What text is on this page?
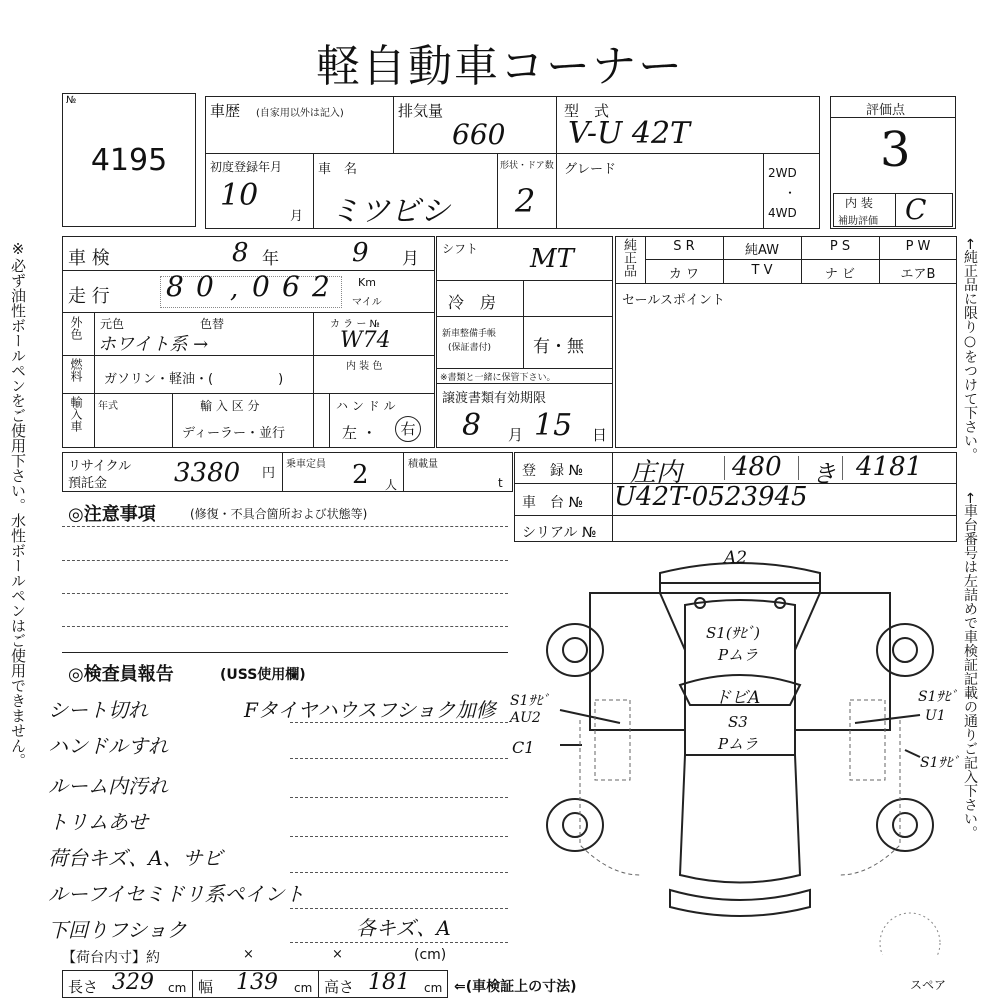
軽自動車コーナー
※必ず油性ボールペンをご使用下さい。水性ボールペンはご使用できません。	←純正品に限り○をつけて下さい。
←車台番号は左詰めで車検証記載の通りご記入下さい。
№
4195
車歴 (自家用以外は記入)	排気量
660
型　式
V-U 42T
初度登録年月
10
月
車　名
ミツビシ
形状・ドア数
2
グレード	2WD
・
4WD
評価点
3
内 装
補助評価 C
車 検	8 年	9 月
走 行 8 0 , 0 6 2	Km
マイル
外色 元色	色替	カ ラ ー №
ホワイト系 →	W74
燃料 ガソリン・軽油・(　　　　　)
内 装 色
輸入車 年式	輸 入 区 分
ディーラー・並行
ハ ン ド ル
左 ・	右
シフト MT
冷　房
新車整備手帳
(保証書付) 有・無
※書類と一緒に保管下さい。
譲渡書類有効期限
8 月 15 日
純正品	S R	純AW	P S	P W
カ ワ	T V	ナ ビ	エアB
セールスポイント
リサイクル
預託金	3380 円
乗車定員 2 人
積載量
t
登　録 № 庄内 480 き 4181
車　台 № U42T-0523945
シリアル №
◎注意事項	(修復・不具合箇所および状態等)
◎検査員報告	(USS使用欄)
シート切れ	Fタイヤハウスフショク加修
ハンドルすれ
ルーム内汚れ
トリムあせ
荷台キズ、A、サビ
ルーフイセミドリ系ペイント
下回りフショク	各キズ、A
【荷台内寸】約	×	×	(cm)
長さ 329 cm 幅 139 cm 高さ 181 cm ⇐(車検証上の寸法)
A2
S1(ｻﾋﾞ)
Pムラ
ドビA
S3
Pムラ
S1ｻﾋﾞ
AU2
C1
S1ｻﾋﾞ
U1
S1ｻﾋﾞ
スペア
